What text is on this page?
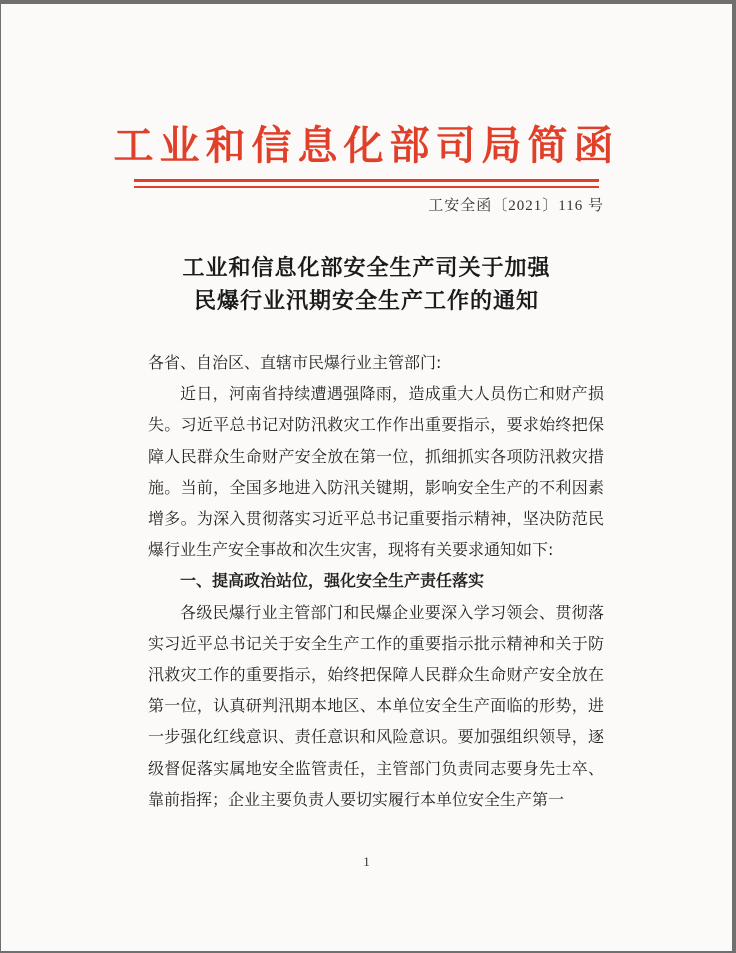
工业和信息化部司局简函
工安全函〔2021〕116 号
工业和信息化部安全生产司关于加强
民爆行业汛期安全生产工作的通知

各省、自治区、直辖市民爆行业主管部门:

近日，河南省持续遭遇强降雨，造成重大人员伤亡和财产损失。习近平总书记对防汛救灾工作作出重要指示，要求始终把保障人民群众生命财产安全放在第一位，抓细抓实各项防汛救灾措施。当前，全国多地进入防汛关键期，影响安全生产的不利因素增多。为深入贯彻落实习近平总书记重要指示精神，坚决防范民爆行业生产安全事故和次生灾害，现将有关要求通知如下:

一、提高政治站位，强化安全生产责任落实

各级民爆行业主管部门和民爆企业要深入学习领会、贯彻落实习近平总书记关于安全生产工作的重要指示批示精神和关于防汛救灾工作的重要指示，始终把保障人民群众生命财产安全放在第一位，认真研判汛期本地区、本单位安全生产面临的形势，进一步强化红线意识、责任意识和风险意识。要加强组织领导，逐级督促落实属地安全监管责任，主管部门负责同志要身先士卒、靠前指挥；企业主要负责人要切实履行本单位安全生产第一

1
